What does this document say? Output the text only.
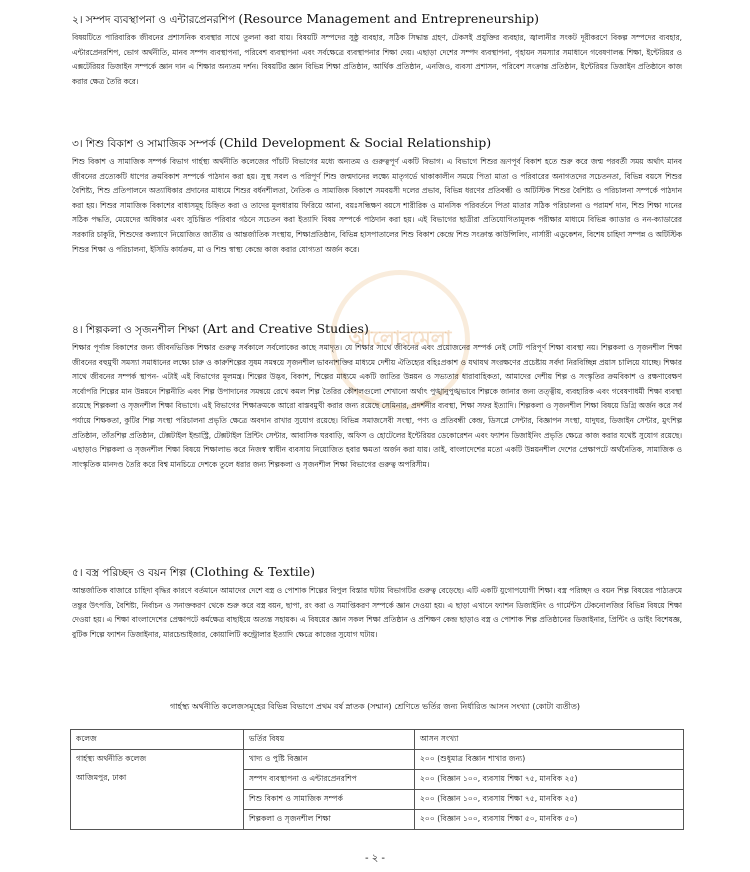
আলোরমেলা
২। সম্পদ ব্যবস্থাপনা ও এন্টারপ্রেনরশিপ (Resource Management and Entrepreneurship)
বিষয়টিতে পারিবারিক জীবনের প্রশাসনিক ব্যবস্থার সাথে তুলনা করা যায়। বিষয়টি সম্পদের সুষ্ঠু ব্যবহার, সঠিক সিদ্ধান্ত গ্রহণ, টেকসই প্রযুক্তির ব্যবহার, জ্বালানীর সংকট দূরীকরণে বিকল্প সম্পদের ব্যবহার, এন্টারপ্রেনরশিপ, ভোগ অর্থনীতি, মানব সম্পদ ব্যবস্থাপনা, পরিবেশ ব্যবস্থাপনা এবং সর্বক্ষেত্রে ব্যবস্থাপনার শিক্ষা দেয়। এছাড়া দেশের সম্পদ ব্যবস্থাপনা, গৃহায়ন সমস্যার সমাধানে গবেষণালব্ধ শিক্ষা, ইন্টেরিয়র ও এক্সটেরিয়র ডিজাইন সম্পর্কে জ্ঞান দান এ শিক্ষার অন্যতম দর্শন। বিষয়টির জ্ঞান বিভিন্ন শিক্ষা প্রতিষ্ঠান, আর্থিক প্রতিষ্ঠান, এনজিও, ব্যবসা প্রশাসন, পরিবেশ সংক্রান্ত প্রতিষ্ঠান, ইন্টেরিয়র ডিজাইন প্রতিষ্ঠানে কাজ করার ক্ষেত্র তৈরি করে।
৩। শিশু বিকাশ ও সামাজিক সম্পর্ক (Child Development & Social Relationship)
শিশু বিকাশ ও সামাজিক সম্পর্ক বিভাগ গার্হস্থ্য অর্থনীতি কলেজের পাঁচটি বিভাগের মধ্যে অন্যতম ও গুরুত্বপূর্ণ একটি বিভাগ। এ বিভাগে শিশুর ভ্রূণপূর্ব বিকাশ হতে শুরু করে জন্ম পরবর্তী সময় অর্থাৎ মানব জীবনের প্রত্যেকটি ধাপের ক্রমবিকাশ সম্পর্কে পাঠদান করা হয়। সুস্থ সবল ও পরিপূর্ণ শিশু জন্মদানের লক্ষ্যে মাতৃগর্ভে থাকাকালীন সময়ে পিতা মাতা ও পরিবারের অনাগতদের সচেতনতা, বিভিন্ন বয়সে শিশুর বৈশিষ্ট্য, শিশু প্রতিপালনে অত্যাধিকার প্রদানের মাধ্যমে শিশুর বর্ধনশীলতা, নৈতিক ও সামাজিক বিকাশে সমবয়সী দলের প্রভাব, বিভিন্ন ধরণের প্রতিবন্ধী ও অটিস্টিক শিশুর বৈশিষ্ট্য ও পরিচালনা সম্পর্কে পাঠদান করা হয়। শিশুর সামাজিক বিকাশের বাধাসমূহ চিহ্নিত করা ও তাদের মূলধারায় ফিরিয়ে আনা, বয়ঃসন্ধিক্ষণ বয়সে শারীরিক ও মানসিক পরিবর্তনে পিতা মাতার সঠিক পরিচালনা ও পরামর্শ দান, শিশু শিক্ষা দানের সঠিক পদ্ধতি, মেয়েদের অধিকার এবং সুচিন্তিত পরিবার গঠনে সচেতন করা ইত্যাদি বিষয় সম্পর্কে পাঠদান করা হয়। এই বিভাগের ছাত্রীরা প্রতিযোগিতামূলক পরীক্ষার মাধ্যমে বিভিন্ন ক্যাডার ও নন-ক্যাডারের সরকারি চাকুরি, শিশুদের কল্যাণে নিয়োজিত জাতীয় ও আন্তর্জাতিক সংস্থায়, শিক্ষাপ্রতিষ্ঠান, বিভিন্ন হাসপাতালের শিশু বিকাশ কেন্দ্রে শিশু সংক্রান্ত কাউন্সিলিং, নার্সারী এডুকেশন, বিশেষ চাহিদা সম্পন্ন ও অটিস্টিক শিশুর শিক্ষা ও পরিচালনা, ইসিডি কার্যক্রম, মা ও শিশু স্বাস্থ্য কেন্দ্রে কাজ করার যোগ্যতা অর্জন করে।
৪। শিল্পকলা ও সৃজনশীল শিক্ষা (Art and Creative Studies)
শিক্ষার পূর্ণাঙ্গ বিকাশের জন্য জীবনভিত্তিক শিক্ষার গুরুত্ব সর্বকালে সর্বলোকের কাছে সমাদৃত। যে শিক্ষার সাথে জীবনের এবং প্রয়োজনের সম্পর্ক নেই সেটি পরিপূর্ণ শিক্ষা ব্যবস্থা নয়। শিল্পকলা ও সৃজনশীল শিক্ষা জীবনের বহুমুখী সমস্যা সমাধানের লক্ষ্যে চারু ও কারুশিল্পের সুষম সমন্বয়ে সৃজনশীল ভাবনাশক্তির মাধ্যমে দেশীয় ঐতিহ্যের বহিঃপ্রকাশ ও যথাযথ সংরক্ষণের প্রচেষ্টায় সর্বদা নিরবিচ্ছিন্ন প্রয়াস চালিয়ে যাচ্ছে। শিক্ষার সাথে জীবনের সম্পর্ক স্থাপন- এটাই এই বিভাগের মূলমন্ত্র। শিল্পের উদ্ভব, বিকাশ, শিল্পের মাধ্যমে একটি জাতির উন্নয়ন ও সভ্যতার ধারাবাহিকতা, আমাদের দেশীয় শিল্প ও সংস্কৃতির ক্রমবিকাশ ও রক্ষণাবেক্ষণ সর্বোপরি শিল্পের মান উন্নয়নে শিল্পনীতি এবং শিল্প উপাদানের সমন্বয়ে রেখে কমল শিল্প তৈরির কৌশলগুলো শেখানো অর্থাৎ পুঙ্খানুপুঙ্খভাবে শিল্পকে জানার জন্য তত্ত্বীয়, ব্যবহারিক এবং গবেষণাধর্মী শিক্ষা ব্যবস্থা রয়েছে শিল্পকলা ও সৃজনশীল শিক্ষা বিভাগে। এই বিভাগের শিক্ষাক্রমকে আরো বাস্তবমুখী করার জন্য রয়েছে সেমিনার, প্রদর্শনীর ব্যবস্থা, শিক্ষা সফর ইত্যাদি। শিল্পকলা ও সৃজনশীল শিক্ষা বিষয়ে ডিগ্রি অর্জন করে সর্ব পর্যায়ে শিক্ষকতা, কুটির শিল্প সংস্থা পরিচালনা প্রভৃতি ক্ষেত্রে অবদান রাখার সুযোগ রয়েছে। বিভিন্ন সমাজসেবী সংস্থা, পণ্য ও প্রতিবন্ধী কেন্দ্র, ডিসপ্লে সেন্টার, বিজ্ঞাপন সংস্থা, যাদুঘর, ডিজাইন সেন্টার, মুৎশিল্প প্রতিষ্ঠান, তাঁতশিল্প প্রতিষ্ঠান, টেক্সটাইল ইন্ডাস্ট্রি, টেক্সটাইল প্রিন্টিং সেন্টার, আবাসিক ঘরবাড়ি, অফিস ও হোটেলের ইন্টেরিয়র ডেকোরেশন এবং ফ্যাশন ডিজাইনিং প্রভৃতি ক্ষেত্রে কাজ করার যথেষ্ট সুযোগ রয়েছে। এছাড়াও শিল্পকলা ও সৃজনশীল শিক্ষা বিষয়ে শিক্ষালাভ করে নিজস্ব স্বাধীন ব্যবসায় নিয়োজিত হবার ক্ষমতা অর্জন করা যায়। তাই, বাংলাদেশের মতো একটি উন্নয়নশীল দেশের প্রেক্ষাপটে অর্থনৈতিক, সামাজিক ও সাংস্কৃতিক মানদণ্ড তৈরি করে বিশ্ব মানচিত্রে দেশকে তুলে ধরার জন্য শিল্পকলা ও সৃজনশীল শিক্ষা বিভাগের গুরুত্ব অপরিসীম।
৫। বস্ত্র পরিচ্ছদ ও বয়ন শিল্প (Clothing & Textile)
আন্তর্জাতিক বাজারে চাহিদা বৃদ্ধির কারণে বর্তমানে আমাদের দেশে বস্ত্র ও পোশাক শিল্পের বিপুল বিস্তার ঘটায় বিভাগটির গুরুত্ব বেড়েছে। এটি একটি যুগোপযোগী শিক্ষা। বস্ত্র পরিচ্ছদ ও বয়ন শিল্প বিষয়ের পাঠ্যক্রমে তন্তুর উৎপত্তি, বৈশিষ্ট্য, নির্বাচন ও সনাক্তকরণ থেকে শুরু করে বস্ত্র বয়ন, ছাপা, রং করা ও সমাপ্তিকরণ সম্পর্কে জ্ঞান দেওয়া হয়। এ ছাড়া এখানে ফ্যাশন ডিজাইনিং ও গার্মেন্টস টেকনোলজির বিভিন্ন বিষয়ে শিক্ষা দেওয়া হয়। এ শিক্ষা বাংলাদেশের প্রেক্ষাপটে কর্মক্ষেত্র বাছাইয়ে অত্যন্ত সহায়ক। এ বিষয়ের জ্ঞান সকল শিক্ষা প্রতিষ্ঠান ও প্রশিক্ষণ কেন্দ্র ছাড়াও বস্ত্র ও পোশাক শিল্প প্রতিষ্ঠানের ডিজাইনার, প্রিন্টিং ও ডাইং বিশেষজ্ঞ, বুটিক শিল্পে ফ্যাশন ডিজাইনার, মারচেন্ডাইজার, কোয়ালিটি কন্ট্রোলার ইত্যাদি ক্ষেত্রে কাজের সুযোগ ঘটায়।
গার্হস্থ্য অর্থনীতি কলেজসমূহের বিভিন্ন বিভাগে প্রথম বর্ষ স্নাতক (সম্মান) শ্রেণিতে ভর্তির জন্য নির্ধারিত আসন সংখ্যা (কোটা ব্যতীত)
কলেজ	ভর্তির বিষয়	আসন সংখ্যা

গার্হস্থ্য অর্থনীতি কলেজ
আজিমপুর, ঢাকা	খাদ্য ও পুষ্টি বিজ্ঞান	২০০ (শুধুমাত্র বিজ্ঞান শাখার জন্য)
	সম্পদ ব্যবস্থাপনা ও এন্টারপ্রেনরশিপ	২০০ (বিজ্ঞান ১০০, ব্যবসায় শিক্ষা ৭৫, মানবিক ২৫)
	শিশু বিকাশ ও সামাজিক সম্পর্ক	২০০ (বিজ্ঞান ১০০, ব্যবসায় শিক্ষা ৭৫, মানবিক ২৫)
	শিল্পকলা ও সৃজনশীল শিক্ষা	২০০ (বিজ্ঞান ১০০, ব্যবসায় শিক্ষা ৫০, মানবিক ৫০)
- ২ -
